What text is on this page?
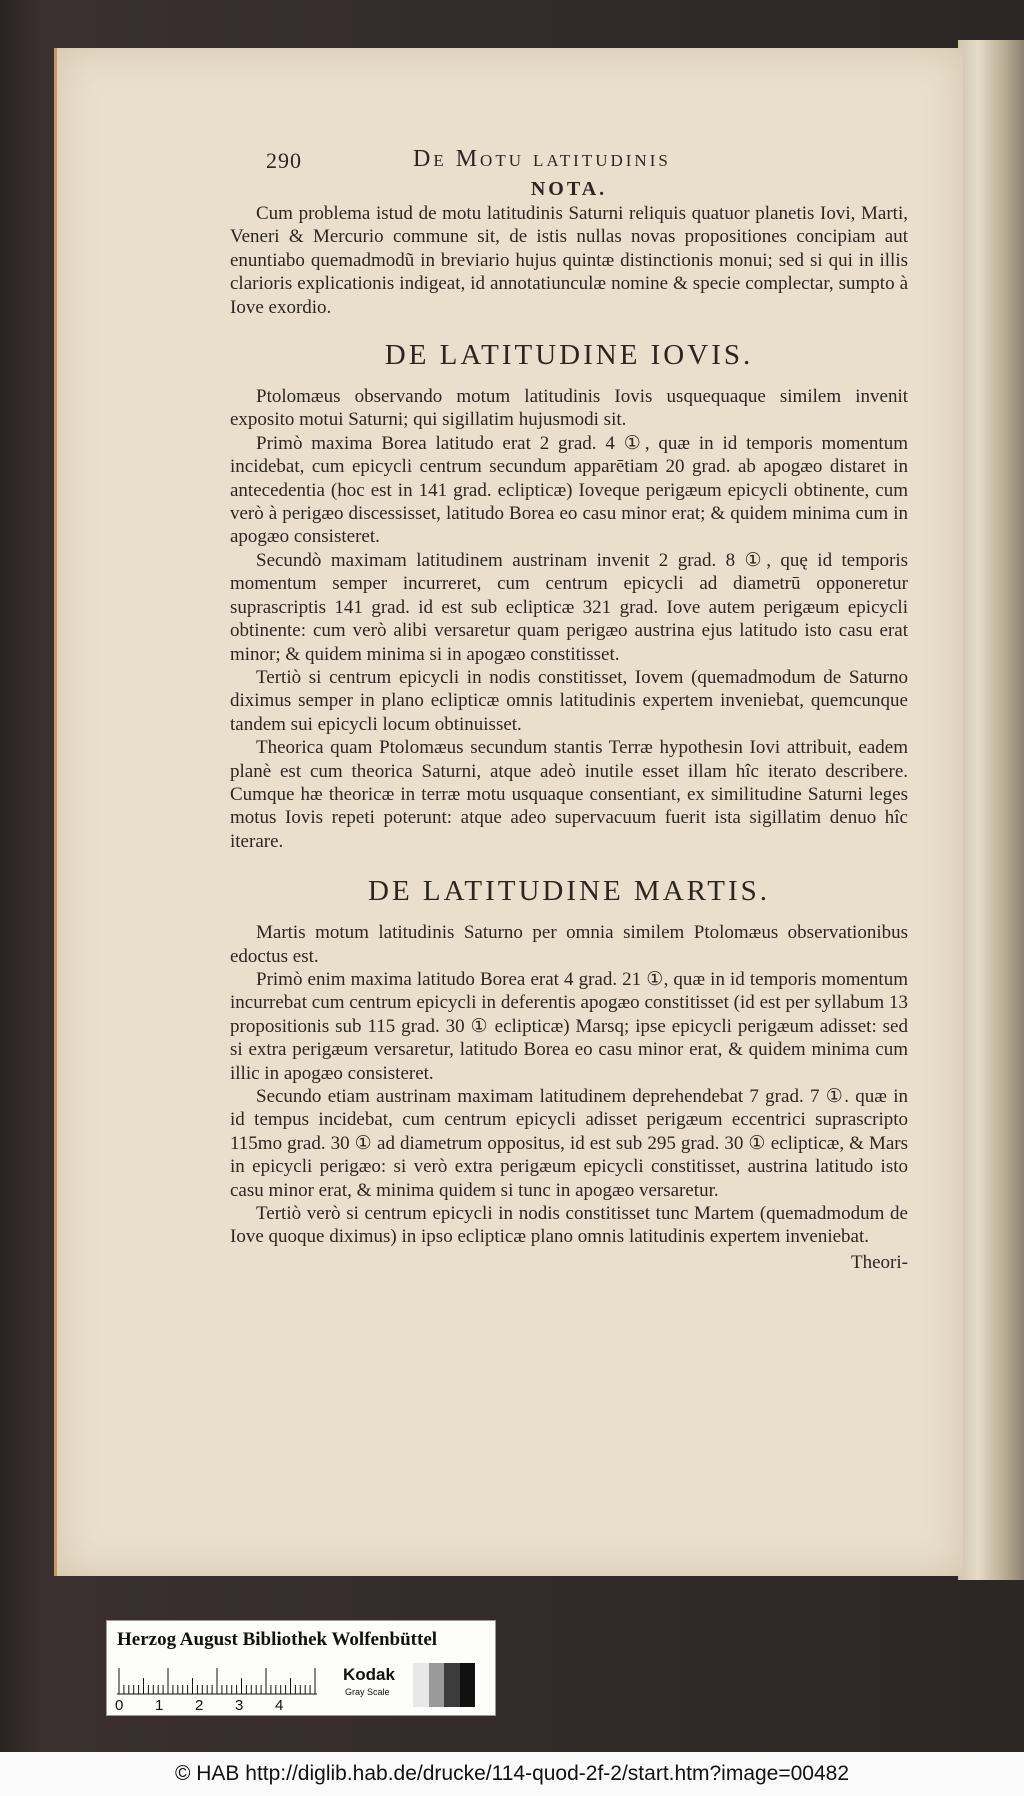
290	De Motu latitudinis
NOTA.

Cum problema istud de motu latitudinis Saturni reliquis quatuor planetis Iovi, Marti, Veneri & Mercurio commune sit, de istis nullas novas propositiones concipiam aut enuntiabo quemadmodũ in breviario hujus quintæ distinctionis monui; sed si qui in illis clarioris explicationis indigeat, id annotatiunculæ nomine & specie complectar, sumpto à Iove exordio.

DE LATITUDINE IOVIS.

Ptolomæus observando motum latitudinis Iovis usquequaque similem invenit exposito motui Saturni; qui sigillatim hujusmodi sit.

Primò maxima Borea latitudo erat 2 grad. 4 ①, quæ in id temporis momentum incidebat, cum epicycli centrum secundum apparētiam 20 grad. ab apogæo distaret in antecedentia (hoc est in 141 grad. eclipticæ) Ioveque perigæum epicycli obtinente, cum verò à perigæo discessisset, latitudo Borea eo casu minor erat; & quidem minima cum in apogæo consisteret.

Secundò maximam latitudinem austrinam invenit 2 grad. 8 ①, quę id temporis momentum semper incurreret, cum centrum epicycli ad diametrū opponeretur suprascriptis 141 grad. id est sub eclipticæ 321 grad. Iove autem perigæum epicycli obtinente: cum verò alibi versaretur quam perigæo austrina ejus latitudo isto casu erat minor; & quidem minima si in apogæo constitisset.

Tertiò si centrum epicycli in nodis constitisset, Iovem (quemadmodum de Saturno diximus semper in plano eclipticæ omnis latitudinis expertem inveniebat, quemcunque tandem sui epicycli locum obtinuisset.

Theorica quam Ptolomæus secundum stantis Terræ hypothesin Iovi attribuit, eadem planè est cum theorica Saturni, atque adeò inutile esset illam hîc iterato describere. Cumque hæ theoricæ in terræ motu usquaque consentiant, ex similitudine Saturni leges motus Iovis repeti poterunt: atque adeo supervacuum fuerit ista sigillatim denuo hîc iterare.

DE LATITUDINE MARTIS.

Martis motum latitudinis Saturno per omnia similem Ptolomæus observationibus edoctus est.

Primò enim maxima latitudo Borea erat 4 grad. 21 ①, quæ in id temporis momentum incurrebat cum centrum epicycli in deferentis apogæo constitisset (id est per syllabum 13 propositionis sub 115 grad. 30 ① eclipticæ) Marsq; ipse epicycli perigæum adisset: sed si extra perigæum versaretur, latitudo Borea eo casu minor erat, & quidem minima cum illic in apogæo consisteret.

Secundo etiam austrinam maximam latitudinem deprehendebat 7 grad. 7 ①. quæ in id tempus incidebat, cum centrum epicycli adisset perigæum eccentrici suprascripto 115mo grad. 30 ① ad diametrum oppositus, id est sub 295 grad. 30 ① eclipticæ, & Mars in epicycli perigæo: si verò extra perigæum epicycli constitisset, austrina latitudo isto casu minor erat, & minima quidem si tunc in apogæo versaretur.

Tertiò verò si centrum epicycli in nodis constitisset tunc Martem (quemadmodum de Iove quoque diximus) in ipso eclipticæ plano omnis latitudinis expertem inveniebat.

Theori-
Herzog August Bibliothek Wolfenbüttel
0 1 2 3 4
Kodak
Gray Scale
© HAB http://diglib.hab.de/drucke/114-quod-2f-2/start.htm?image=00482
